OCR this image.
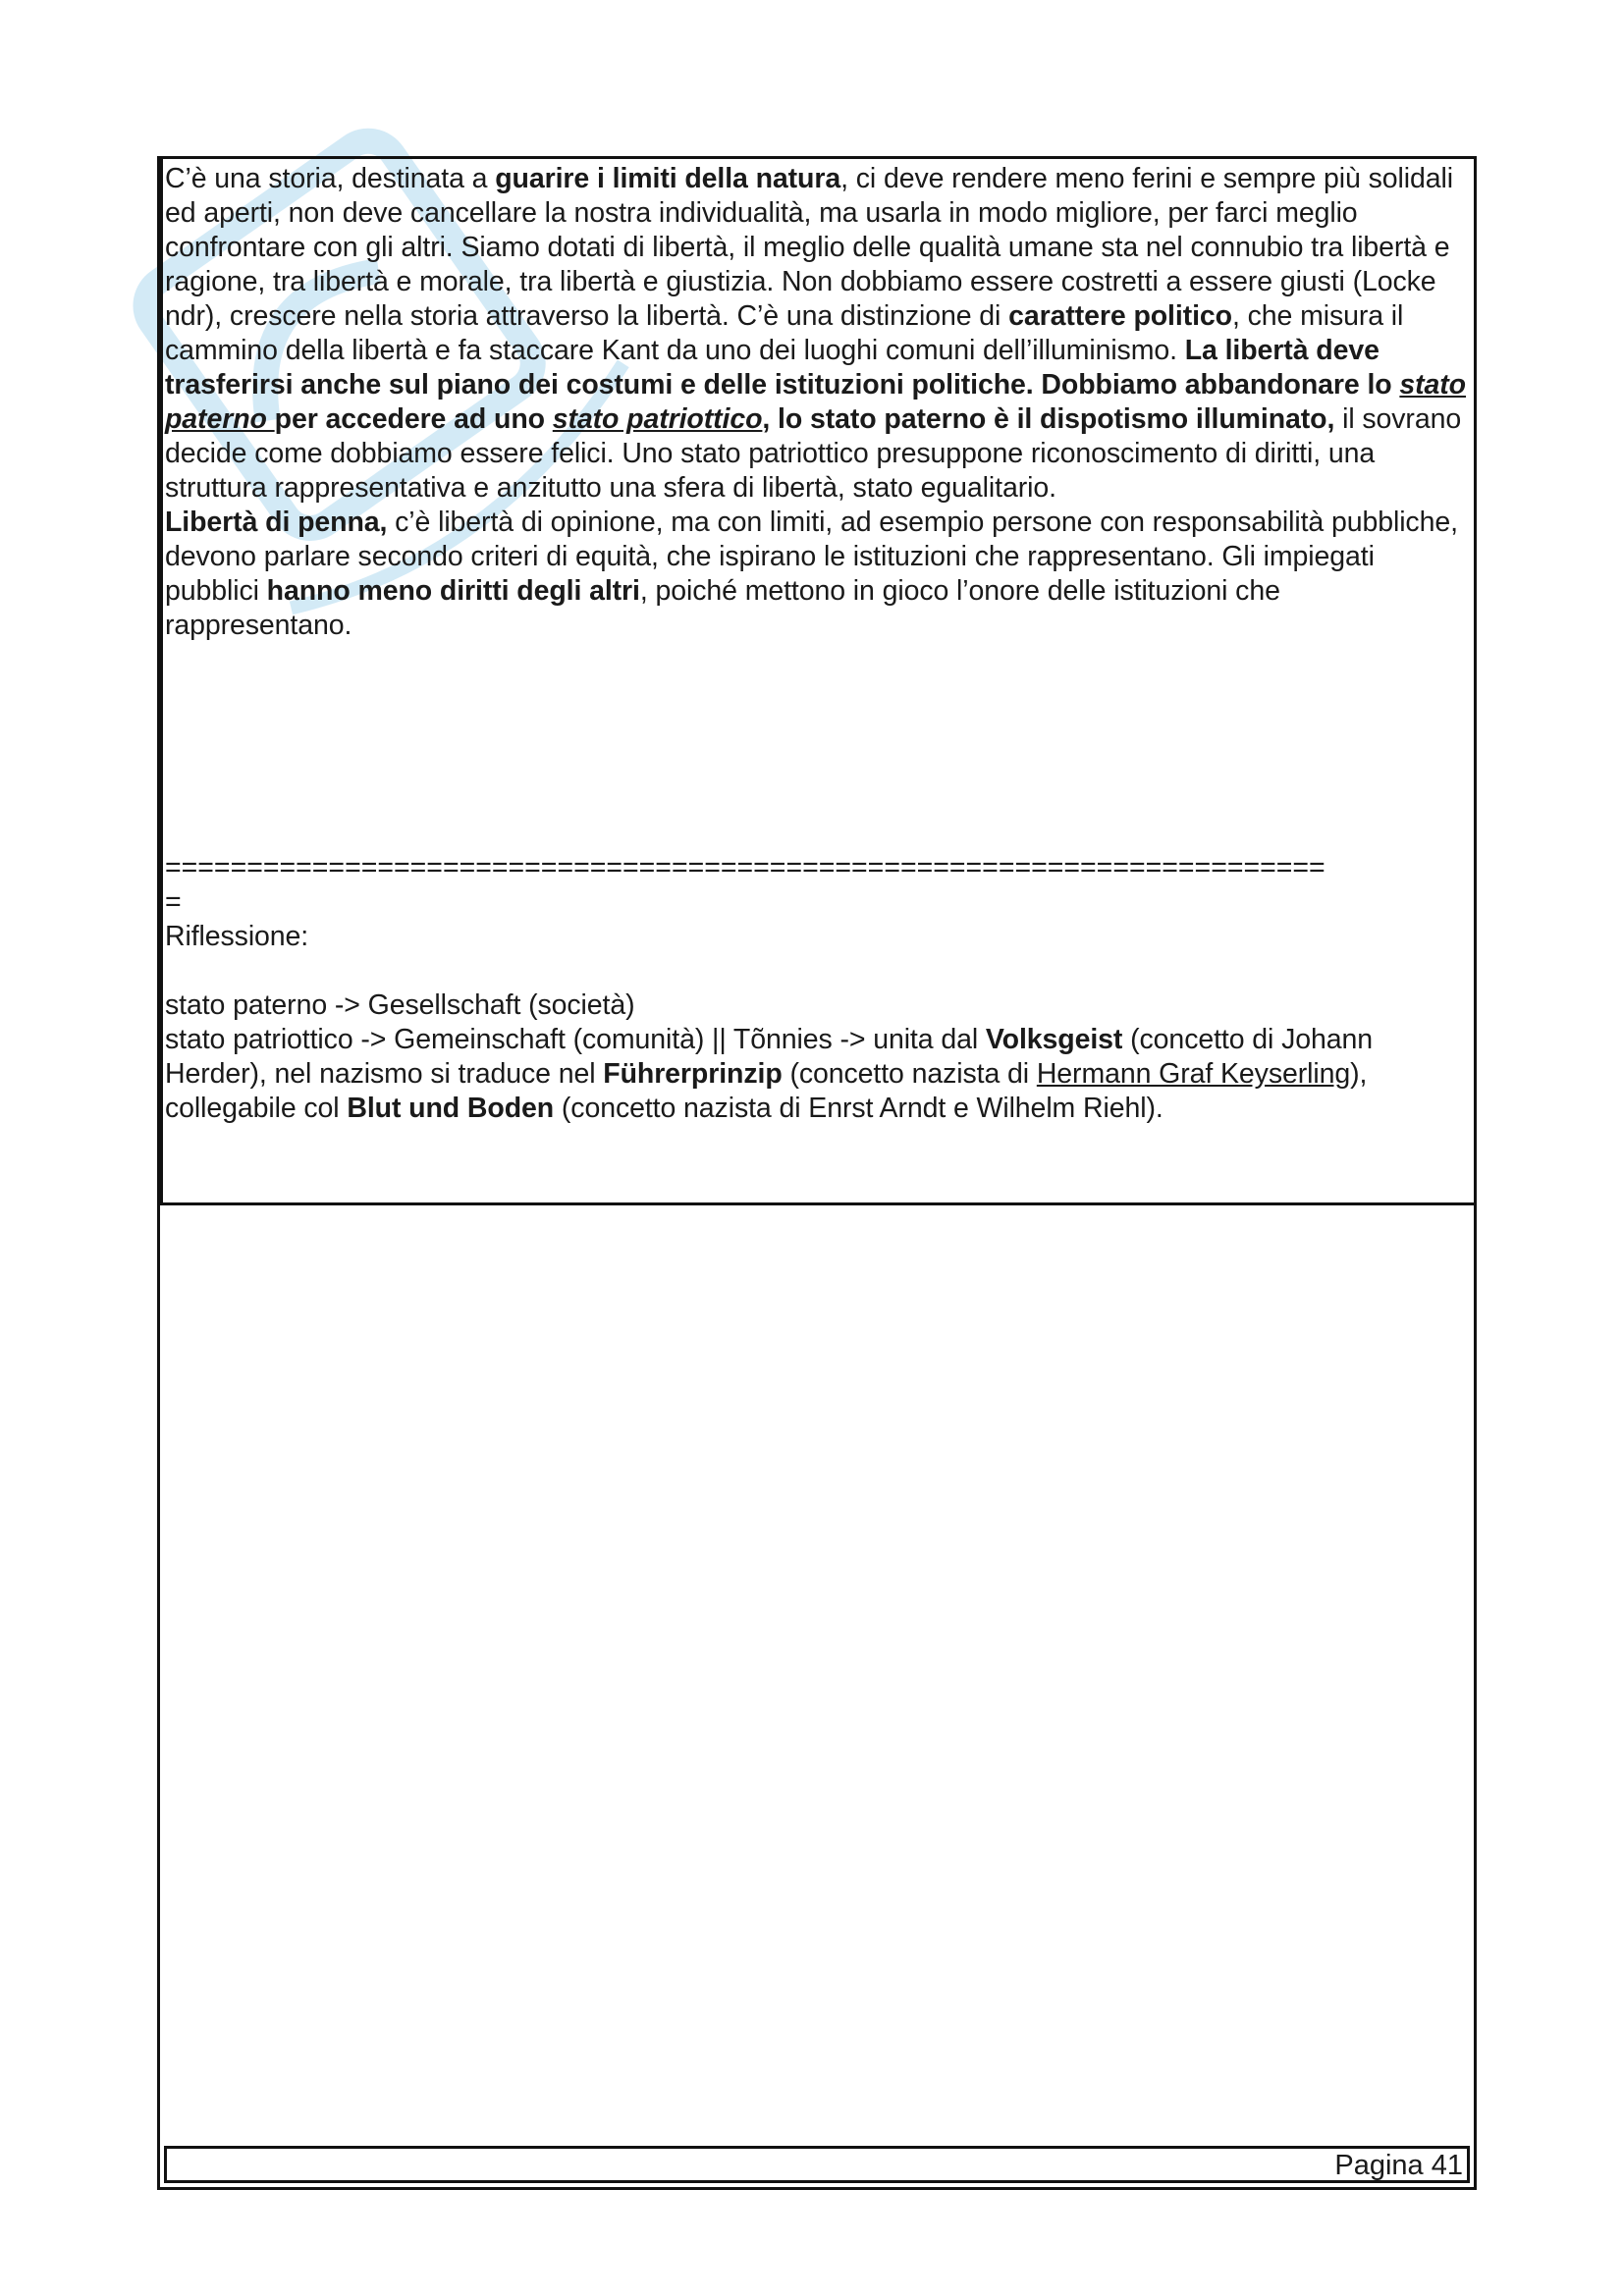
C’è una storia, destinata a guarire i limiti della natura, ci deve rendere meno ferini e sempre più solidali ed aperti, non deve cancellare la nostra individualità, ma usarla in modo migliore, per farci meglio confrontare con gli altri. Siamo dotati di libertà, il meglio delle qualità umane sta nel connubio tra libertà e ragione, tra libertà e morale, tra libertà e giustizia. Non dobbiamo essere costretti a essere giusti (Locke ndr), crescere nella storia attraverso la libertà. C’è una distinzione di carattere politico, che misura il cammino della libertà e fa staccare Kant da uno dei luoghi comuni dell’illuminismo. La libertà deve trasferirsi anche sul piano dei costumi e delle istituzioni politiche. Dobbiamo abbandonare lo stato paterno per accedere ad uno stato patriottico, lo stato paterno è il dispotismo illuminato, il sovrano decide come dobbiamo essere felici. Uno stato patriottico presuppone riconoscimento di diritti, una struttura rappresentativa e anzitutto una sfera di libertà, stato egualitario.

Libertà di penna, c’è libertà di opinione, ma con limiti, ad esempio persone con responsabilità pubbliche, devono parlare secondo criteri di equità, che ispirano le istituzioni che rappresentano. Gli impiegati pubblici hanno meno diritti degli altri, poiché mettono in gioco l’onore delle istituzioni che rappresentano.

=======================================================================
=

Riflessione:

stato paterno -> Gesellschaft (società)

stato patriottico -> Gemeinschaft (comunità) || Tõnnies -> unita dal Volksgeist (concetto di Johann Herder), nel nazismo si traduce nel Führerprinzip (concetto nazista di Hermann Graf Keyserling), collegabile col Blut und Boden (concetto nazista di Enrst Arndt e Wilhelm Riehl).

Pagina 41
